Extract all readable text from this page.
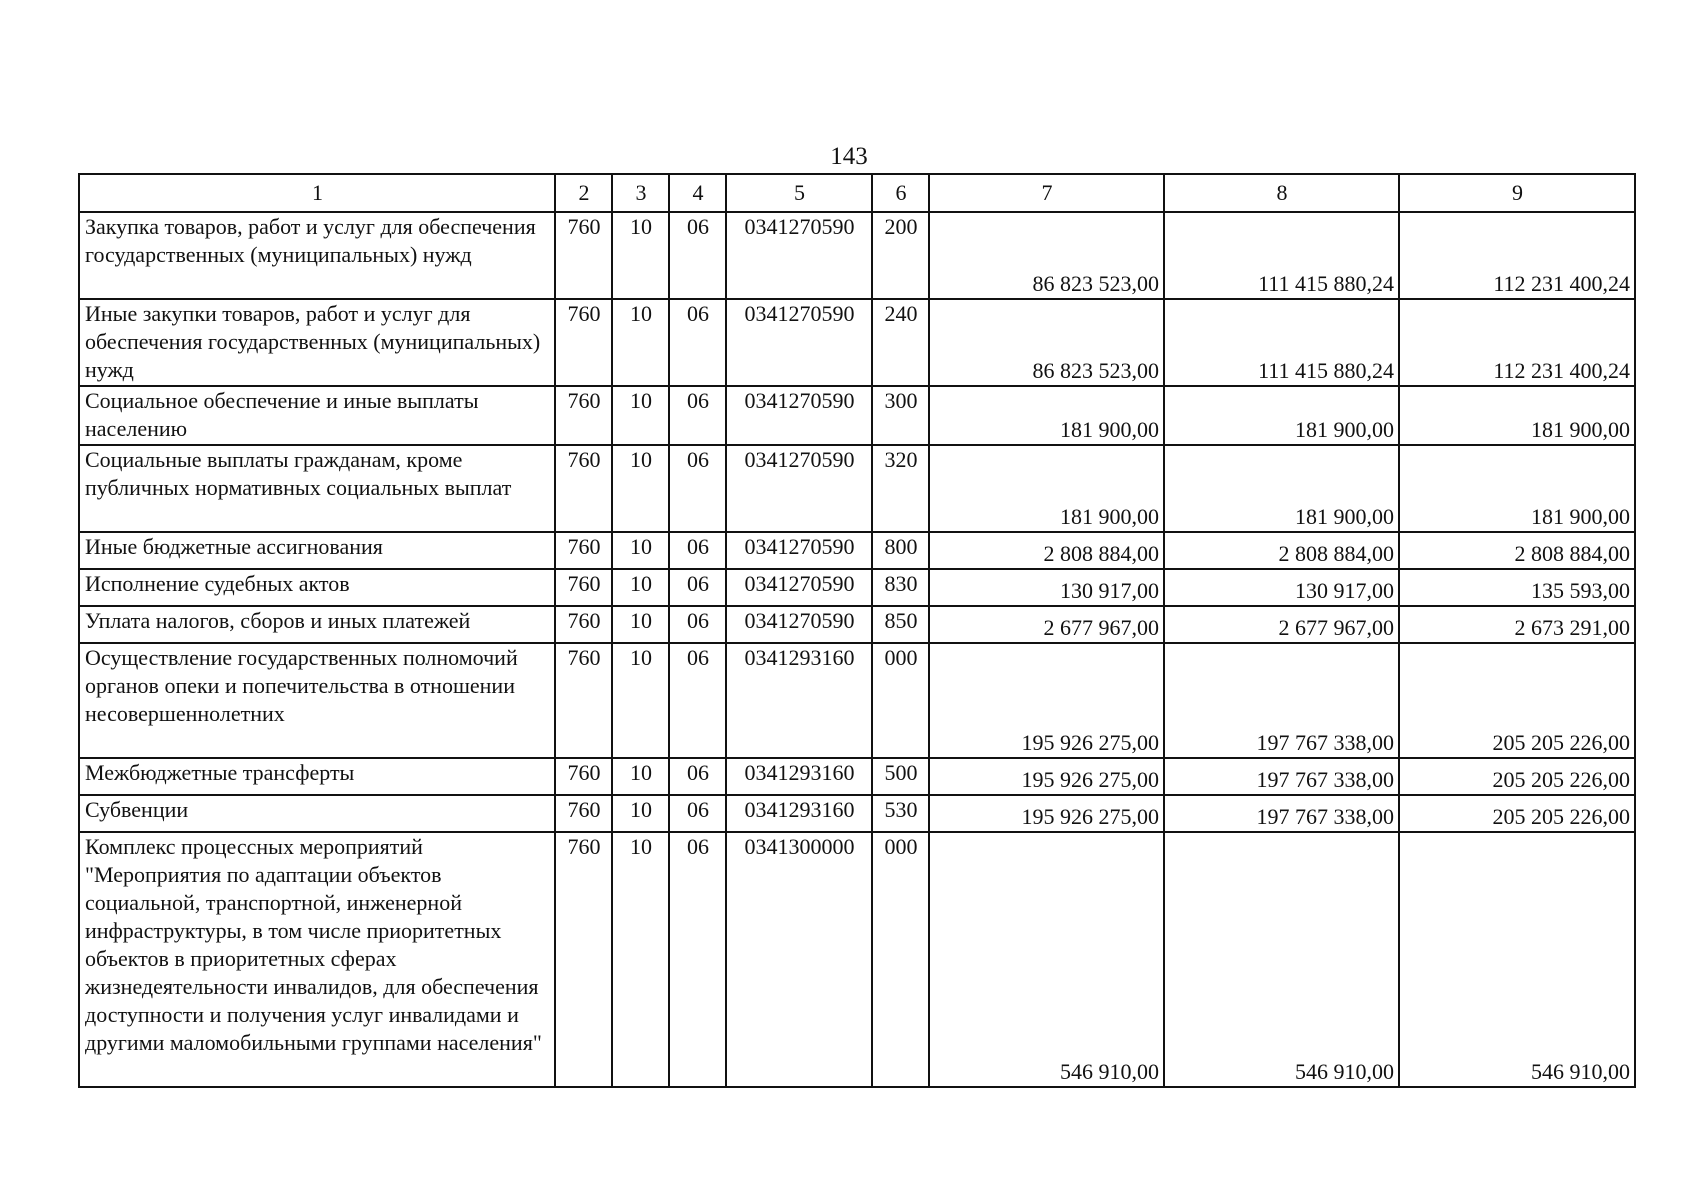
143
1	2	3	4	5	6	7	8	9
Закупка товаров, работ и услуг для обеспечения государственных (муниципальных) нужд	760	10	06	0341270590	200	86 823 523,00	111 415 880,24	112 231 400,24
Иные закупки товаров, работ и услуг для обеспечения государственных (муниципальных) нужд	760	10	06	0341270590	240	86 823 523,00	111 415 880,24	112 231 400,24
Социальное обеспечение и иные выплаты населению	760	10	06	0341270590	300	181 900,00	181 900,00	181 900,00
Социальные выплаты гражданам, кроме публичных нормативных социальных выплат	760	10	06	0341270590	320	181 900,00	181 900,00	181 900,00
Иные бюджетные ассигнования	760	10	06	0341270590	800	2 808 884,00	2 808 884,00	2 808 884,00
Исполнение судебных актов	760	10	06	0341270590	830	130 917,00	130 917,00	135 593,00
Уплата налогов, сборов и иных платежей	760	10	06	0341270590	850	2 677 967,00	2 677 967,00	2 673 291,00
Осуществление государственных полномочий органов опеки и попечительства в отношении несовершеннолетних	760	10	06	0341293160	000	195 926 275,00	197 767 338,00	205 205 226,00
Межбюджетные трансферты	760	10	06	0341293160	500	195 926 275,00	197 767 338,00	205 205 226,00
Субвенции	760	10	06	0341293160	530	195 926 275,00	197 767 338,00	205 205 226,00
Комплекс процессных мероприятий "Мероприятия по адаптации объектов социальной, транспортной, инженерной инфраструктуры, в том числе приоритетных объектов в приоритетных сферах жизнедеятельности инвалидов, для обеспечения доступности и получения услуг инвалидами и другими маломобильными группами населения"	760	10	06	0341300000	000	546 910,00	546 910,00	546 910,00
